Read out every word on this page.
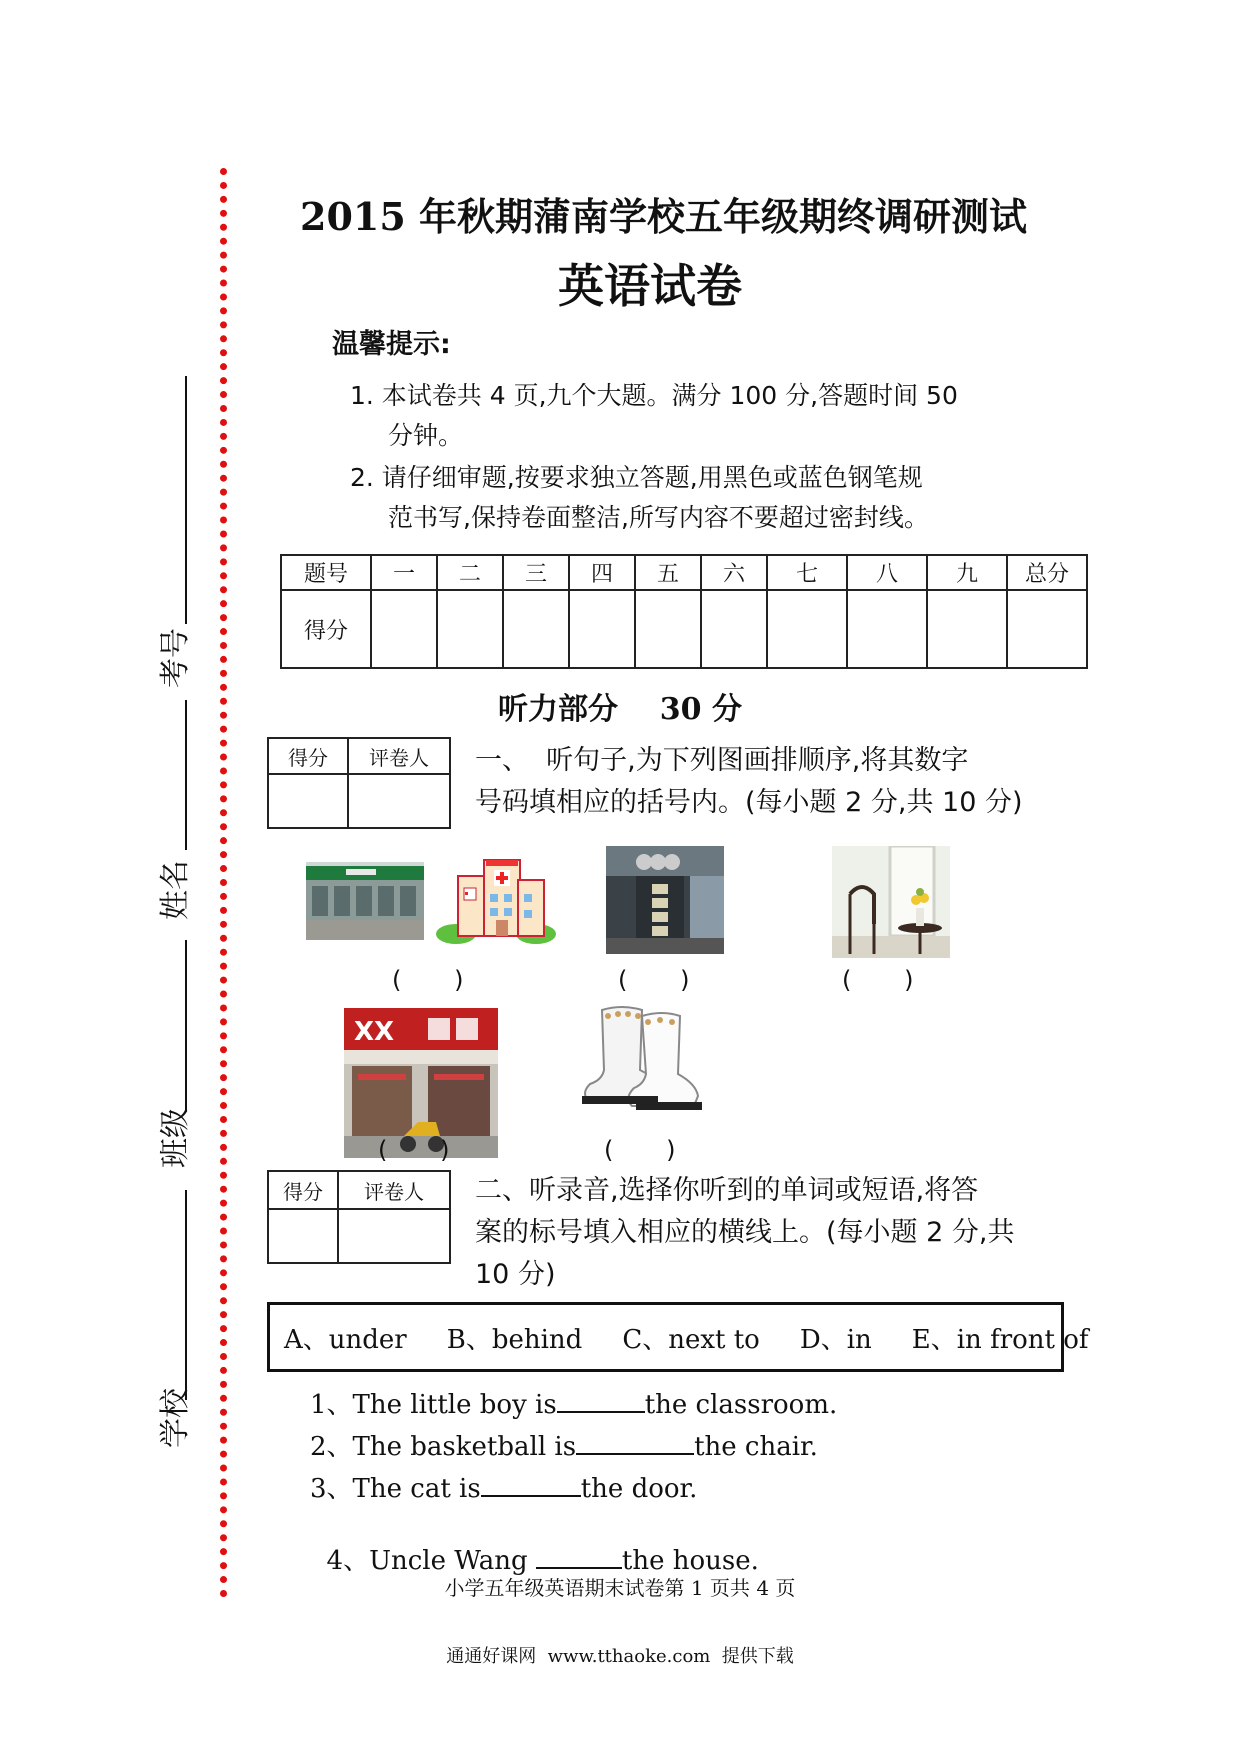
考号
姓名
班级
学校
2015 年秋期蒲南学校五年级期终调研测试
英语试卷
温馨提示:
1. 本试卷共 4 页,九个大题。满分 100 分,答题时间 50
分钟。
2. 请仔细审题,按要求独立答题,用黑色或蓝色钢笔规
范书写,保持卷面整洁,所写内容不要超过密封线。
题号	一	二	三	四	五	六	七	八	九	总分
得分										
听力部分    30 分
得分	评卷人
	一、  听句子,为下列图画排顺序,将其数字
号码填相应的括号内。(每小题 2 分,共 10 分)
(      )	(      )	(      )
XX
(      )	(      )
得分	评卷人
	二、听录音,选择你听到的单词或短语,将答
案的标号填入相应的横线上。(每小题 2 分,共
10 分)
A、under B、behind C、next to D、in E、in front of
1、The little boy is	the classroom.
2、The basketball is	the chair.
3、The cat is	the door.

4、Uncle Wang	the house.

小学五年级英语期末试卷第 1 页共 4 页
通通好课网  www.tthaoke.com  提供下载
